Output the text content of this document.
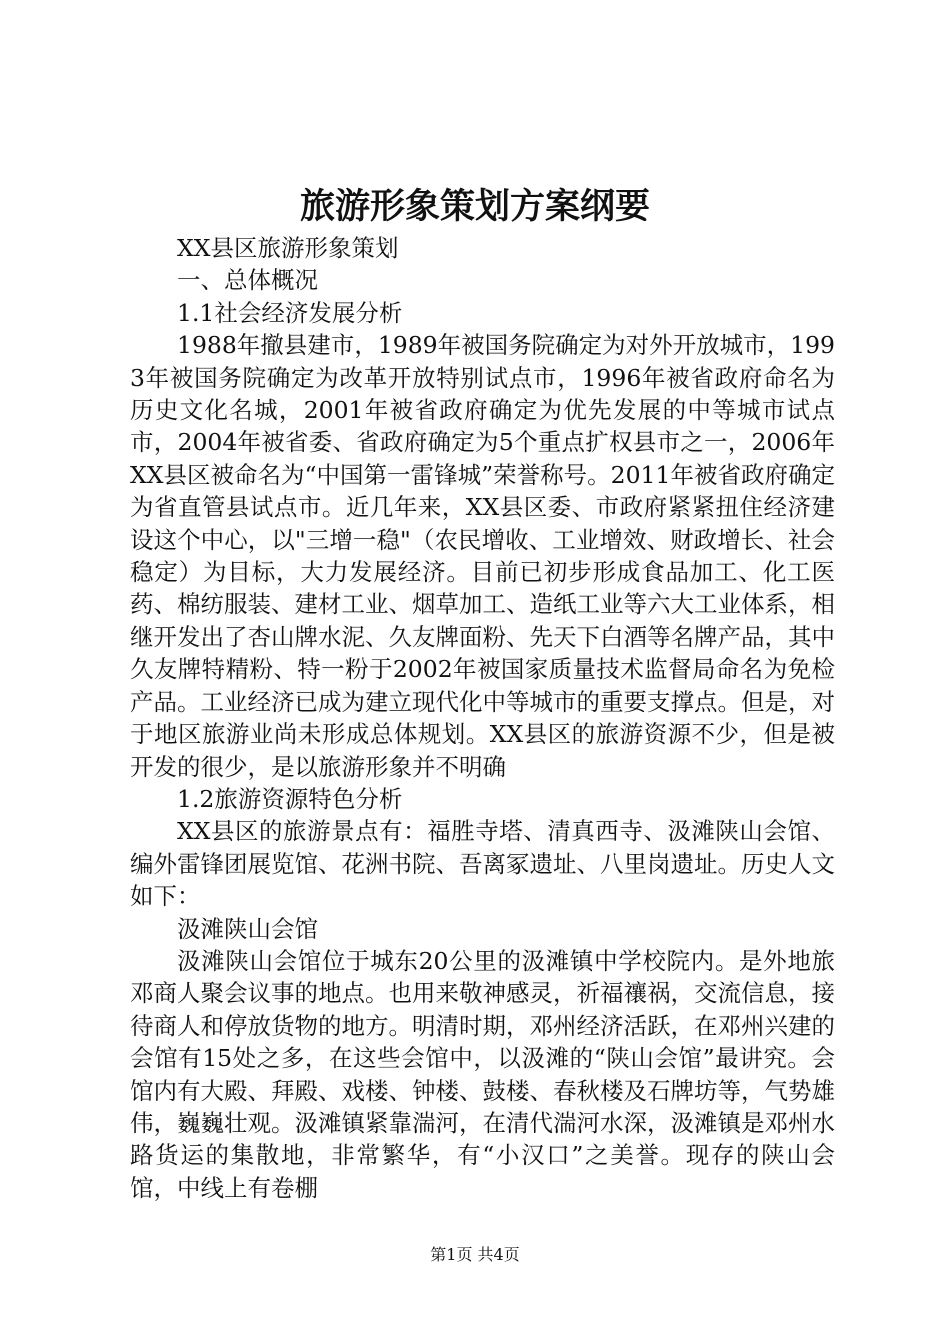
旅游形象策划方案纲要

XX县区旅游形象策划

一、总体概况

1.1社会经济发展分析

1988年撤县建市，1989年被国务院确定为对外开放城市，1993年被国务院确定为改革开放特别试点市，1996年被省政府命名为历史文化名城，2001年被省政府确定为优先发展的中等城市试点市，2004年被省委、省政府确定为5个重点扩权县市之一，2006年XX县区被命名为“中国第一雷锋城”荣誉称号。2011年被省政府确定为省直管县试点市。近几年来，XX县区委、市政府紧紧扭住经济建设这个中心，以"三增一稳"（农民增收、工业增效、财政增长、社会稳定）为目标，大力发展经济。目前已初步形成食品加工、化工医药、棉纺服装、建材工业、烟草加工、造纸工业等六大工业体系，相继开发出了杏山牌水泥、久友牌面粉、先天下白酒等名牌产品，其中久友牌特精粉、特一粉于2002年被国家质量技术监督局命名为免检产品。工业经济已成为建立现代化中等城市的重要支撑点。但是，对于地区旅游业尚未形成总体规划。XX县区的旅游资源不少，但是被开发的很少，是以旅游形象并不明确

1.2旅游资源特色分析

XX县区的旅游景点有：福胜寺塔、清真西寺、汲滩陕山会馆、编外雷锋团展览馆、花洲书院、吾离冢遗址、八里岗遗址。历史人文如下：

汲滩陕山会馆

汲滩陕山会馆位于城东20公里的汲滩镇中学校院内。是外地旅邓商人聚会议事的地点。也用来敬神感灵，祈福禳祸，交流信息，接待商人和停放货物的地方。明清时期，邓州经济活跃，在邓州兴建的会馆有15处之多，在这些会馆中，以汲滩的“陕山会馆”最讲究。会馆内有大殿、拜殿、戏楼、钟楼、鼓楼、春秋楼及石牌坊等，气势雄伟，巍巍壮观。汲滩镇紧靠湍河，在清代湍河水深，汲滩镇是邓州水路货运的集散地，非常繁华，有“小汉口”之美誉。现存的陕山会馆，中线上有卷棚

第1页 共4页
